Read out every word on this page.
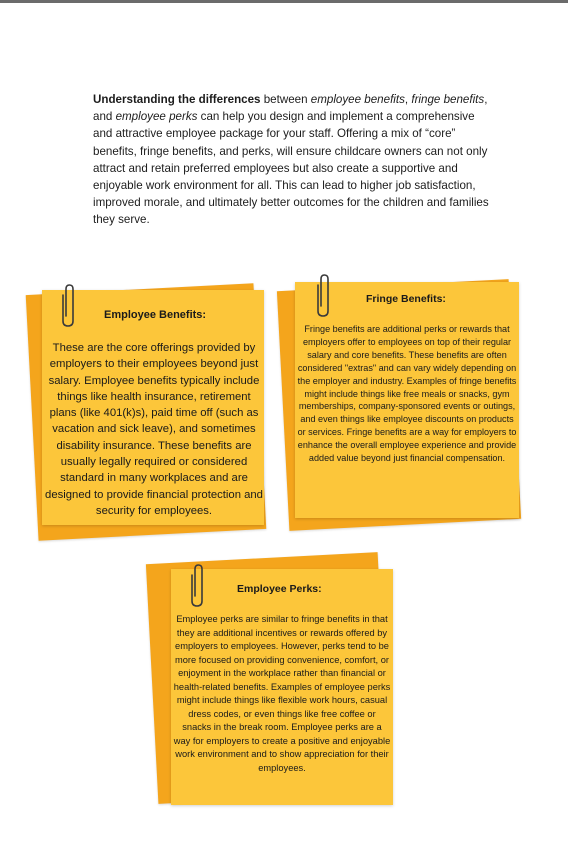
Understanding the differences between employee benefits, fringe benefits, and employee perks can help you design and implement a comprehensive and attractive employee package for your staff. Offering a mix of “core” benefits, fringe benefits, and perks, will ensure childcare owners can not only attract and retain preferred employees but also create a supportive and enjoyable work environment for all. This can lead to higher job satisfaction, improved morale, and ultimately better outcomes for the children and families they serve.
Employee Benefits:
These are the core offerings provided by employers to their employees beyond just salary. Employee benefits typically include things like health insurance, retirement plans (like 401(k)s), paid time off (such as vacation and sick leave), and sometimes disability insurance. These benefits are usually legally required or considered standard in many workplaces and are designed to provide financial protection and security for employees.
Fringe Benefits:
Fringe benefits are additional perks or rewards that employers offer to employees on top of their regular salary and core benefits. These benefits are often considered "extras" and can vary widely depending on the employer and industry. Examples of fringe benefits might include things like free meals or snacks, gym memberships, company-sponsored events or outings, and even things like employee discounts on products or services. Fringe benefits are a way for employers to enhance the overall employee experience and provide added value beyond just financial compensation.
Employee Perks:
Employee perks are similar to fringe benefits in that they are additional incentives or rewards offered by employers to employees. However, perks tend to be more focused on providing convenience, comfort, or enjoyment in the workplace rather than financial or health-related benefits. Examples of employee perks might include things like flexible work hours, casual dress codes, or even things like free coffee or snacks in the break room. Employee perks are a way for employers to create a positive and enjoyable work environment and to show appreciation for their employees.
